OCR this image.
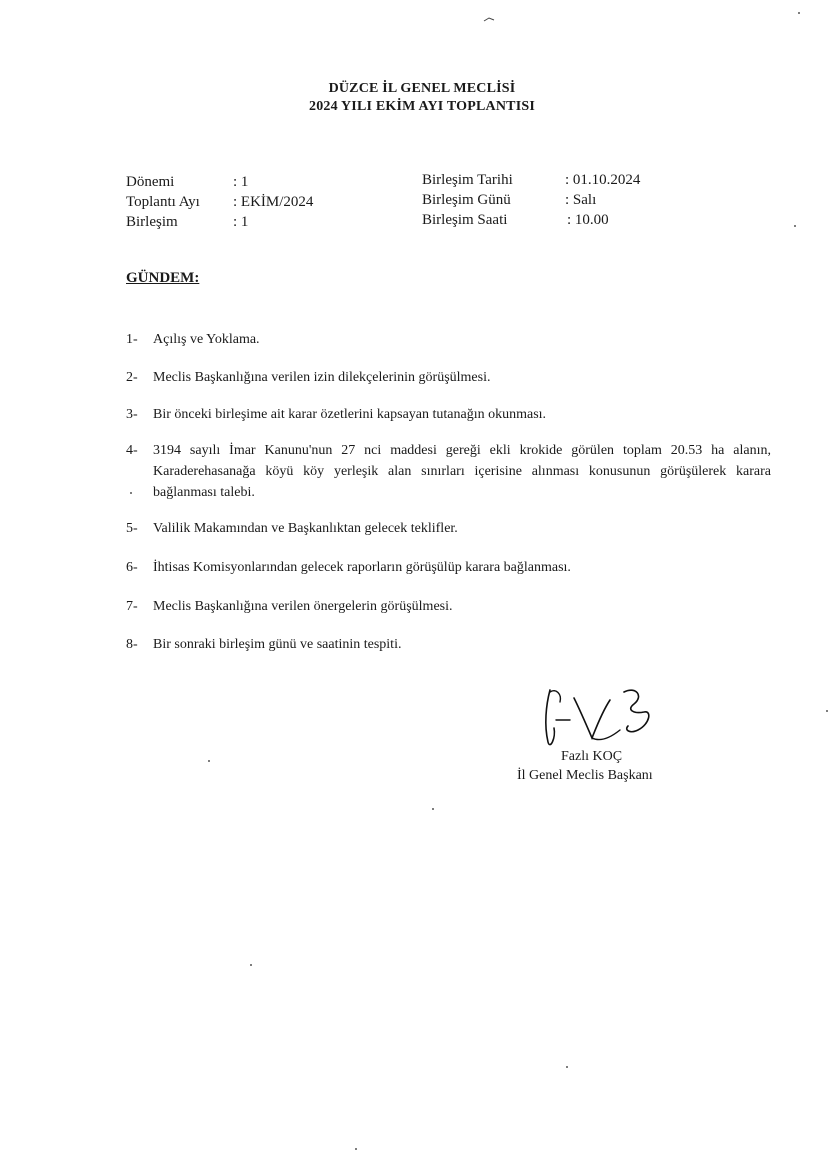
DÜZCE İL GENEL MECLİSİ
2024 YILI EKİM AYI TOPLANTISI
Dönemi	: 1
Toplantı Ayı : EKİM/2024
Birleşim	: 1
Birleşim Tarihi	: 01.10.2024
Birleşim Günü	: Salı
Birleşim Saati	: 10.00
GÜNDEM:
1-	Açılış ve Yoklama.
2-	Meclis Başkanlığına verilen izin dilekçelerinin görüşülmesi.
3-	Bir önceki birleşime ait karar özetlerini kapsayan tutanağın okunması.
4-	3194 sayılı İmar Kanunu'nun 27 nci maddesi gereği ekli krokide görülen toplam 20.53 ha alanın, Karaderehasanağa köyü köy yerleşik alan sınırları içerisine alınması konusunun görüşülerek karara bağlanması talebi.
5-	Valilik Makamından ve Başkanlıktan gelecek teklifler.
6-	İhtisas Komisyonlarından gelecek raporların görüşülüp karara bağlanması.
7-	Meclis Başkanlığına verilen önergelerin görüşülmesi.
8-	Bir sonraki birleşim günü ve saatinin tespiti.
Fazlı KOÇ
İl Genel Meclis Başkanı
